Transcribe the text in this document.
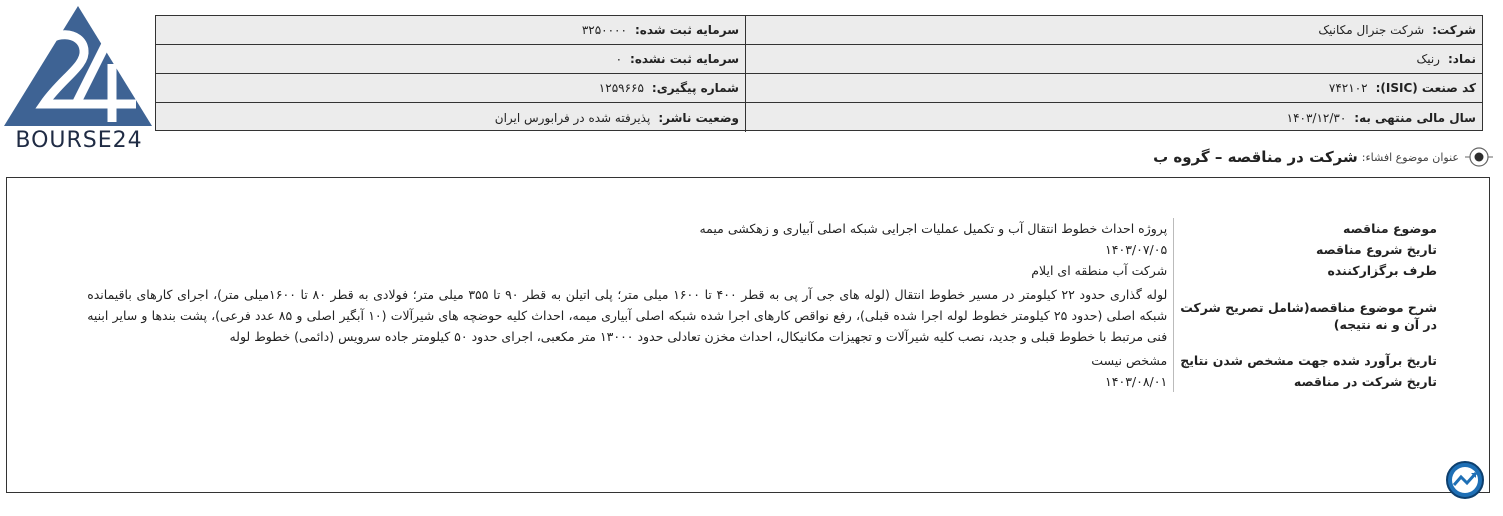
BOURSE24
شرکت:
شرکت جنرال مکانیک
سرمایه ثبت شده:
۳۲۵۰۰۰۰
نماد:
رنیک
سرمایه ثبت نشده:
۰
کد صنعت (ISIC):
۷۴۲۱۰۲
شماره پیگیری:
۱۲۵۹۶۶۵
سال مالی منتهی به:
۱۴۰۳/۱۲/۳۰
وضعیت ناشر:
پذیرفته شده در فرابورس ایران
عنوان موضوع افشاء:
شرکت در مناقصه – گروه ب
موضوع مناقصه	پروژه احداث خطوط انتقال آب و تکمیل عملیات اجرایی شبکه اصلی آبیاری و زهکشی میمه
تاریخ شروع مناقصه	۱۴۰۳/۰۷/۰۵
طرف برگزارکننده	شرکت آب منطقه ای ایلام
شرح موضوع مناقصه(شامل تصریح شرکت در آن و نه نتیجه)	لوله گذاری حدود ۲۲ کیلومتر در مسیر خطوط انتقال (لوله های جی آر پی به قطر ۴۰۰ تا ۱۶۰۰ میلی متر؛ پلی اتیلن به قطر ۹۰ تا ۳۵۵ میلی متر؛ فولادی به قطر ۸۰ تا ۱۶۰۰میلی متر)، اجرای کارهای باقیمانده شبکه اصلی (حدود ۲۵ کیلومتر خطوط لوله اجرا شده قبلی)، رفع نواقص کارهای اجرا شده شبکه اصلی آبیاری میمه، احداث کلیه حوضچه های شیرآلات (۱۰ آبگیر اصلی و ۸۵ عدد فرعی)، پشت بندها و سایر ابنیه فنی مرتبط با خطوط قبلی و جدید، نصب کلیه شیرآلات و تجهیزات مکانیکال، احداث مخزن تعادلی حدود ۱۳۰۰۰ متر مکعبی، اجرای حدود ۵۰ کیلومتر جاده سرویس (دائمی) خطوط لوله

تاریخ برآورد شده جهت مشخص شدن نتایج	مشخص نیست
تاریخ شرکت در مناقصه	۱۴۰۳/۰۸/۰۱
